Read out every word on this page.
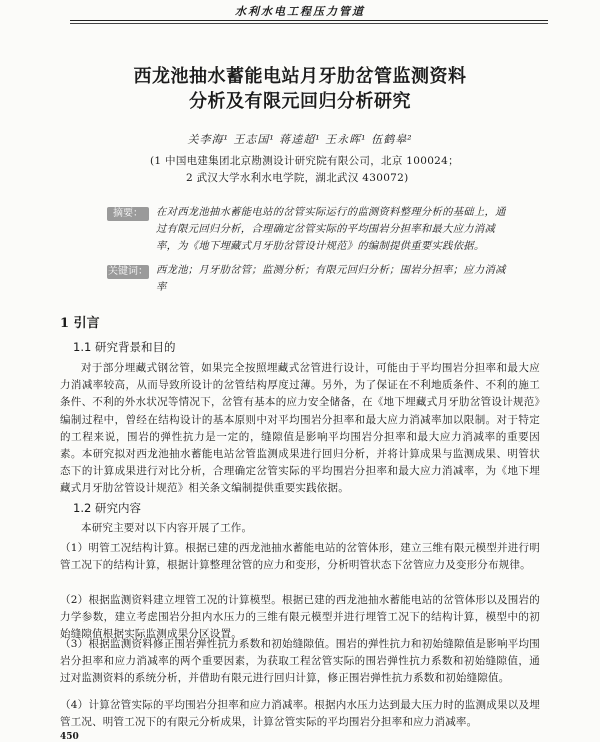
水利水电工程压力管道
西龙池抽水蓄能电站月牙肋岔管监测资料
分析及有限元回归分析研究
关李海¹ 王志国¹ 蒋逵超¹ 王永晖¹ 伍鹤皋²
(1 中国电建集团北京勘测设计研究院有限公司，北京 100024；
2 武汉大学水利水电学院，湖北武汉 430072)
摘要：	在对西龙池抽水蓄能电站的岔管实际运行的监测资料整理分析的基础上，通过有限元回归分析，合理确定岔管实际的平均围岩分担率和最大应力消减率，为《地下埋藏式月牙肋岔管设计规范》的编制提供重要实践依据。
关键词： 西龙池；月牙肋岔管；监测分析；有限元回归分析；围岩分担率；应力消减率
1 引言
1.1 研究背景和目的
对于部分埋藏式钢岔管，如果完全按照埋藏式岔管进行设计，可能由于平均围岩分担率和最大应力消减率较高，从而导致所设计的岔管结构厚度过薄。另外，为了保证在不利地质条件、不利的施工条件、不利的外水状况等情况下，岔管有基本的应力安全储备，在《地下埋藏式月牙肋岔管设计规范》编制过程中，曾经在结构设计的基本原则中对平均围岩分担率和最大应力消减率加以限制。对于特定的工程来说，围岩的弹性抗力是一定的，缝隙值是影响平均围岩分担率和最大应力消减率的重要因素。本研究拟对西龙池抽水蓄能电站岔管监测成果进行回归分析，并将计算成果与监测成果、明管状态下的计算成果进行对比分析，合理确定岔管实际的平均围岩分担率和最大应力消减率，为《地下埋藏式月牙肋岔管设计规范》相关条文编制提供重要实践依据。
1.2 研究内容
本研究主要对以下内容开展了工作。
（1）明管工况结构计算。根据已建的西龙池抽水蓄能电站的岔管体形，建立三维有限元模型并进行明管工况下的结构计算，根据计算整理岔管的应力和变形，分析明管状态下岔管应力及变形分布规律。
（2）根据监测资料建立埋管工况的计算模型。根据已建的西龙池抽水蓄能电站的岔管体形以及围岩的力学参数，建立考虑围岩分担内水压力的三维有限元模型并进行埋管工况下的结构计算，模型中的初始缝隙值根据实际监测成果分区设置。
（3）根据监测资料修正围岩弹性抗力系数和初始缝隙值。围岩的弹性抗力和初始缝隙值是影响平均围岩分担率和应力消减率的两个重要因素，为获取工程岔管实际的围岩弹性抗力系数和初始缝隙值，通过对监测资料的系统分析，并借助有限元进行回归计算，修正围岩弹性抗力系数和初始缝隙值。
（4）计算岔管实际的平均围岩分担率和应力消减率。根据内水压力达到最大压力时的监测成果以及埋管工况、明管工况下的有限元分析成果，计算岔管实际的平均围岩分担率和应力消减率。
450
